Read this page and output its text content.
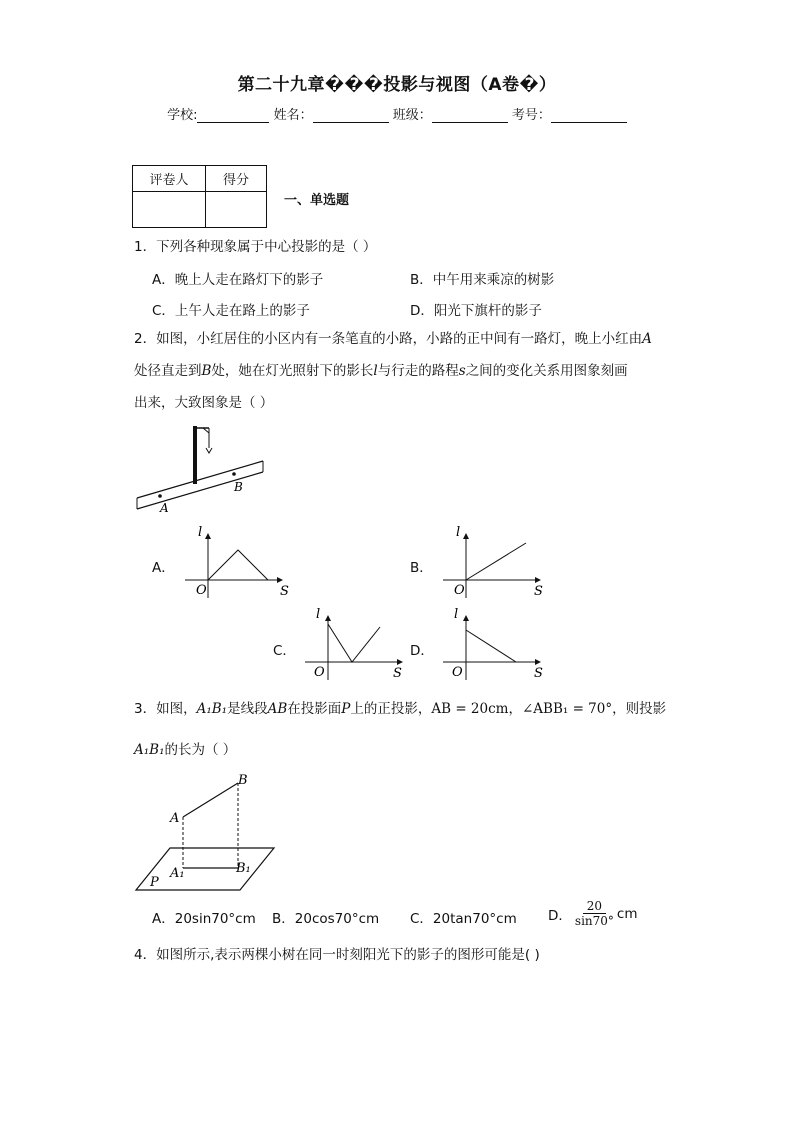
第二十九章���投影与视图（A卷�）
学校:	姓名：	班级：	考号：
评卷人	得分

一、单选题
1．下列各种现象属于中心投影的是（ ）
A．晚上人走在路灯下的影子	B．中午用来乘凉的树影
C．上午人走在路上的影子	D．阳光下旗杆的影子
2．如图，小红居住的小区内有一条笔直的小路，小路的正中间有一路灯，晚上小红由A
处径直走到B处，她在灯光照射下的影长l与行走的路程s之间的变化关系用图象刻画
出来，大致图象是（ ）
A
B
A．
l
S
O
B．
l
S
O
C．
l
S
O
D．
l
S
O
3．如图，A₁B₁是线段AB在投影面P上的正投影，AB = 20cm，∠ABB₁ = 70°，则投影
A₁B₁的长为（ ）
A
B
A₁	B₁
P
A．20sin70°cm B．20cos70°cm C．20tan70°cm D． $\frac{20}{\sin 70^\circ}$ cm
4．如图所示,表示两棵小树在同一时刻阳光下的影子的图形可能是( )
